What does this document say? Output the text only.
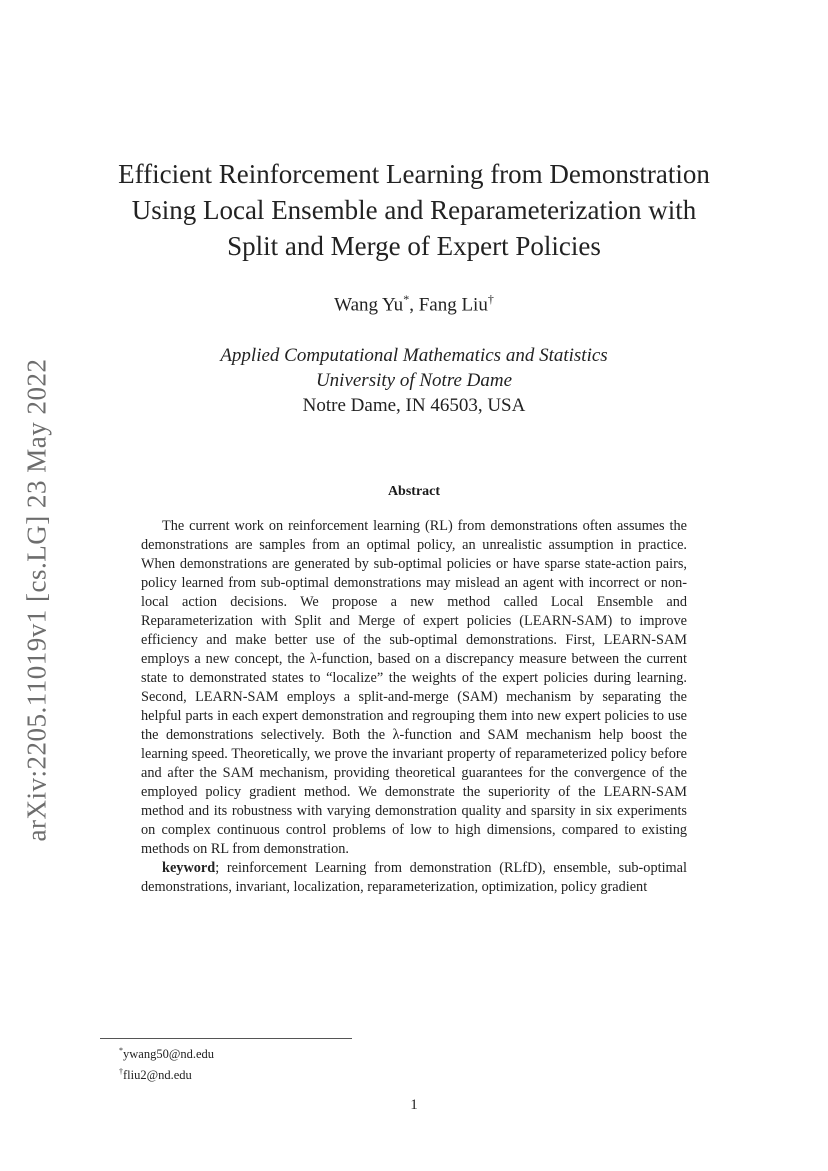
arXiv:2205.11019v1 [cs.LG] 23 May 2022
Efficient Reinforcement Learning from Demonstration
Using Local Ensemble and Reparameterization with
Split and Merge of Expert Policies
Wang Yu*, Fang Liu†
Applied Computational Mathematics and Statistics
University of Notre Dame
Notre Dame, IN 46503, USA
Abstract

The current work on reinforcement learning (RL) from demonstrations often assumes the demonstrations are samples from an optimal policy, an unrealistic assumption in practice. When demonstrations are generated by sub-optimal policies or have sparse state-action pairs, policy learned from sub-optimal demonstrations may mislead an agent with incorrect or non-local action decisions. We propose a new method called Local Ensemble and Reparameterization with Split and Merge of expert policies (LEARN-SAM) to improve efficiency and make better use of the sub-optimal demonstrations. First, LEARN-SAM employs a new concept, the λ-function, based on a discrepancy measure between the current state to demonstrated states to “localize” the weights of the expert policies during learning. Second, LEARN-SAM employs a split-and-merge (SAM) mechanism by separating the helpful parts in each expert demonstration and regrouping them into new expert policies to use the demonstrations selectively. Both the λ-function and SAM mechanism help boost the learning speed. Theoretically, we prove the invariant property of reparameterized policy before and after the SAM mechanism, providing theoretical guarantees for the convergence of the employed policy gradient method. We demonstrate the superiority of the LEARN-SAM method and its robustness with varying demonstration quality and sparsity in six experiments on complex continuous control problems of low to high dimensions, compared to existing methods on RL from demonstration.

keyword; reinforcement Learning from demonstration (RLfD), ensemble, sub-optimal demonstrations, invariant, localization, reparameterization, optimization, policy gradient

*ywang50@nd.edu
†fliu2@nd.edu
1
